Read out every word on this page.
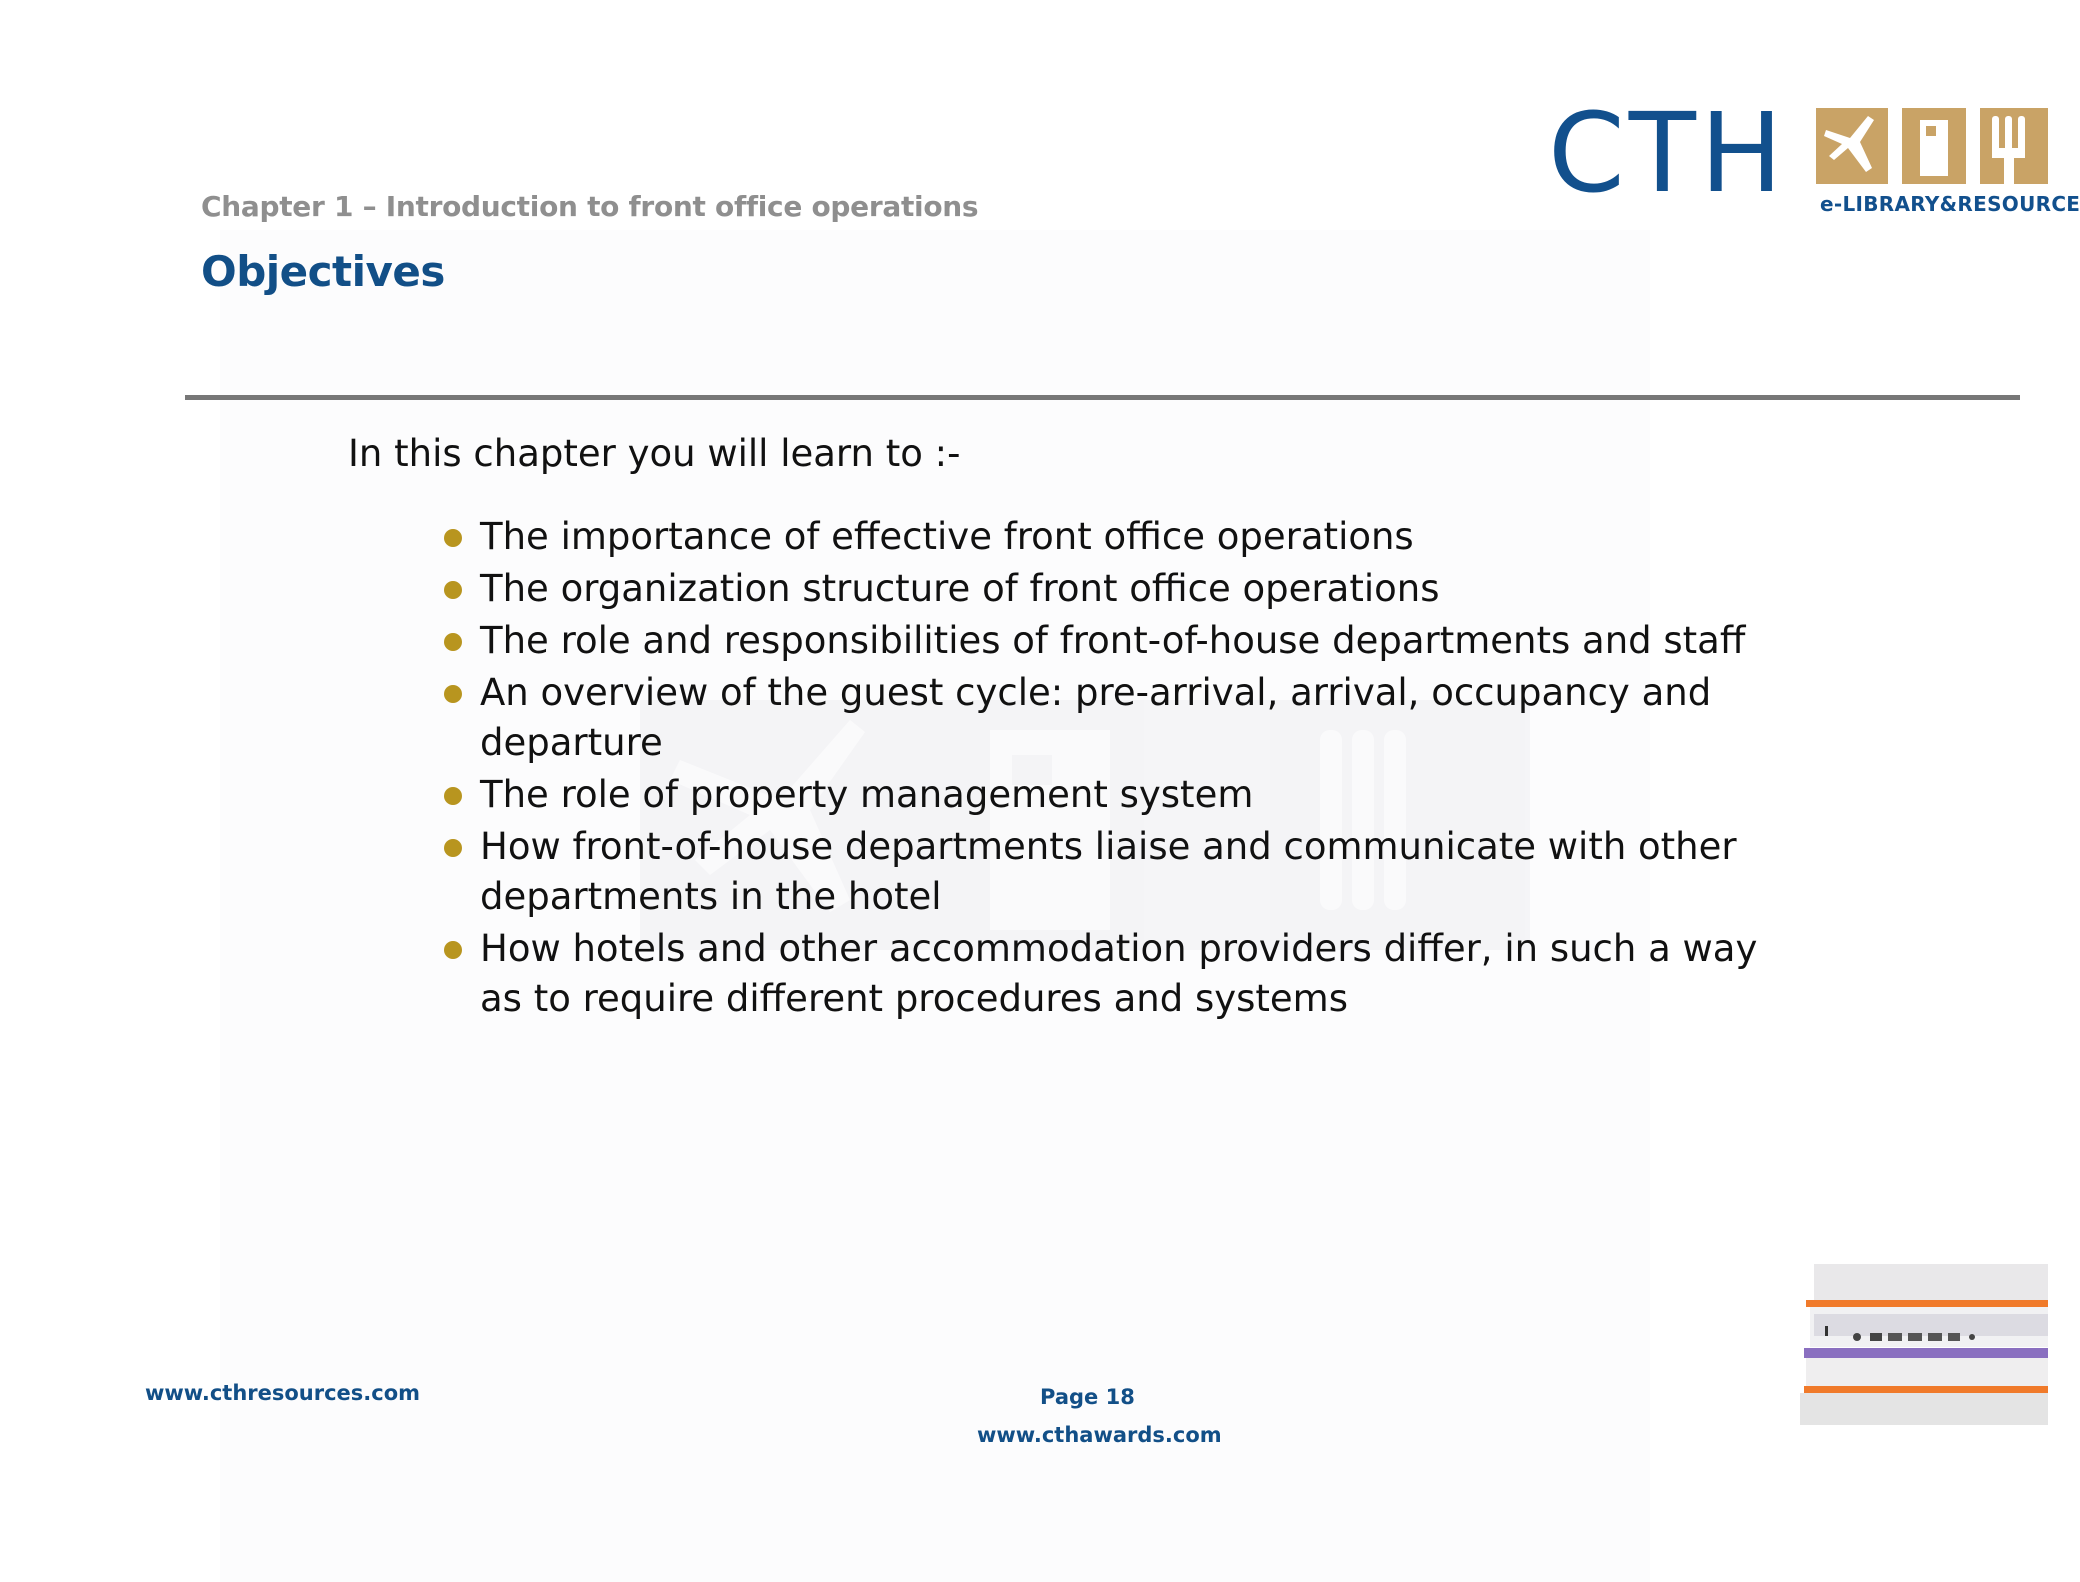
Chapter 1 – Introduction to front office operations
Objectives
CTH e-LIBRARY&RESOURCE
In this chapter you will learn to :-
The importance of effective front office operations
The organization structure of front office operations
The role and responsibilities of front-of-house departments and staff
An overview of the guest cycle: pre-arrival, arrival, occupancy and departure
The role of property management system
How front-of-house departments liaise and communicate with other departments in the hotel
How hotels and other accommodation providers differ, in such a way as to require different procedures and systems
www.cthresources.com	Page 18
www.cthawards.com
